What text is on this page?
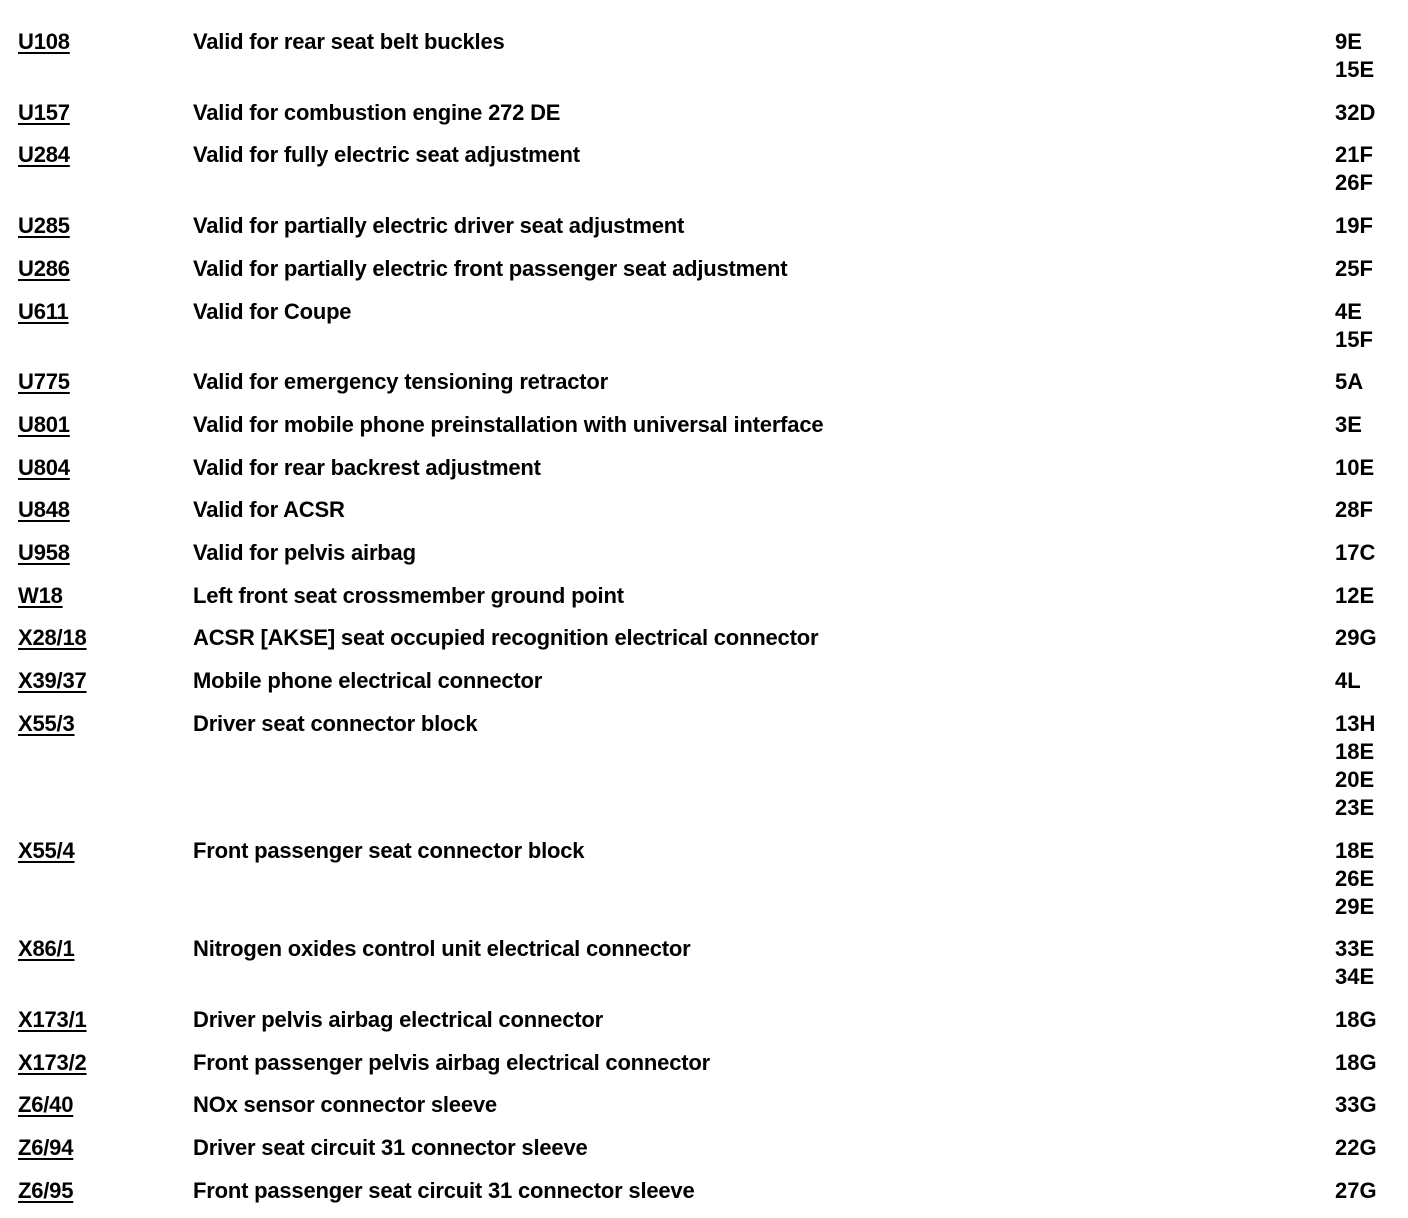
U108	Valid for rear seat belt buckles	9E
15E
U157	Valid for combustion engine 272 DE	32D
U284	Valid for fully electric seat adjustment	21F
26F
U285	Valid for partially electric driver seat adjustment	19F
U286	Valid for partially electric front passenger seat adjustment	25F
U611	Valid for Coupe	4E
15F
U775	Valid for emergency tensioning retractor	5A
U801	Valid for mobile phone preinstallation with universal interface	3E
U804	Valid for rear backrest adjustment	10E
U848	Valid for ACSR	28F
U958	Valid for pelvis airbag	17C
W18	Left front seat crossmember ground point	12E
X28/18	ACSR [AKSE] seat occupied recognition electrical connector	29G
X39/37	Mobile phone electrical connector	4L
X55/3	Driver seat connector block	13H
18E
20E
23E
X55/4	Front passenger seat connector block	18E
26E
29E
X86/1	Nitrogen oxides control unit electrical connector	33E
34E
X173/1	Driver pelvis airbag electrical connector	18G
X173/2	Front passenger pelvis airbag electrical connector	18G
Z6/40	NOx sensor connector sleeve	33G
Z6/94	Driver seat circuit 31 connector sleeve	22G
Z6/95	Front passenger seat circuit 31 connector sleeve	27G
